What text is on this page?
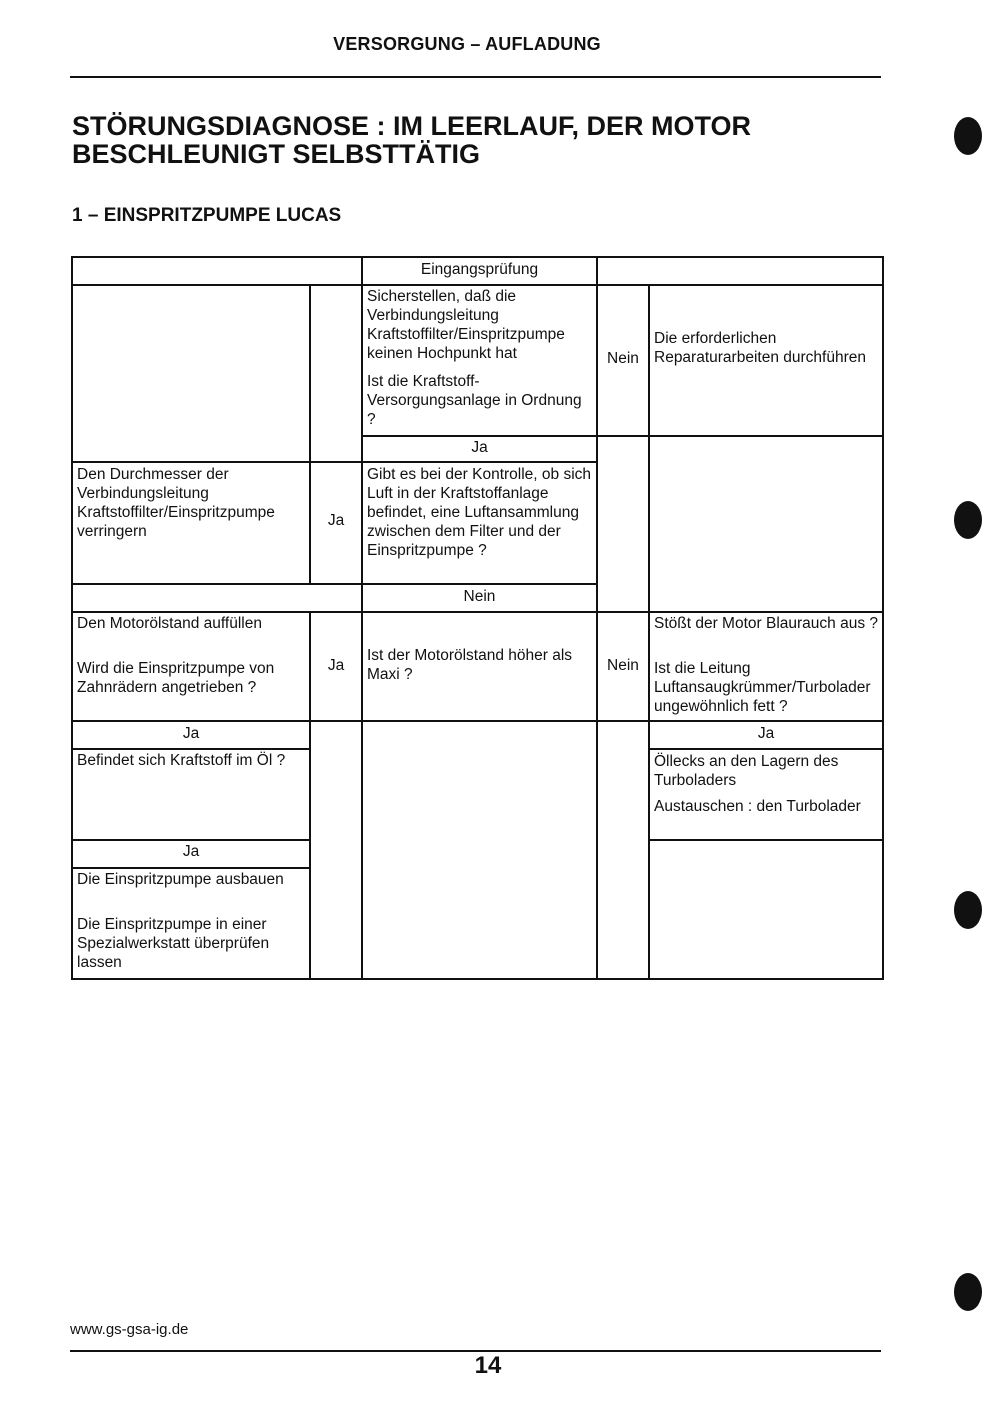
VERSORGUNG – AUFLADUNG
STÖRUNGSDIAGNOSE : IM LEERLAUF, DER MOTOR
BESCHLEUNIGT SELBSTTÄTIG
1 – EINSPRITZPUMPE LUCAS
Eingangsprüfung
Sicherstellen, daß die Verbindungsleitung Kraftstoffilter/Einspritzpumpe keinen Hochpunkt hat
Ist die Kraftstoff-Versorgungsanlage in Ordnung ?
Nein
Die erforderlichen Reparaturarbeiten durchführen
Ja
Gibt es bei der Kontrolle, ob sich Luft in der Kraftstoffanlage befindet, eine Luftansammlung zwischen dem Filter und der Einspritzpumpe ?
Ja
Den Durchmesser der Verbindungsleitung Kraftstoffilter/Einspritzpumpe verringern
Nein
Ist der Motorölstand höher als Maxi ?
Ja
Den Motorölstand auffüllen
Wird die Einspritzpumpe von Zahnrädern angetrieben ?
Nein
Stößt der Motor Blaurauch aus ?
Ist die Leitung Luftansaugkrümmer/Turbolader ungewöhnlich fett ?
Ja	Ja
Befindet sich Kraftstoff im Öl ?	Öllecks an den Lagern des Turboladers
Austauschen : den Turbolader
Ja
Die Einspritzpumpe ausbauen
Die Einspritzpumpe in einer Spezialwerkstatt überprüfen lassen
www.gs-gsa-ig.de
14
